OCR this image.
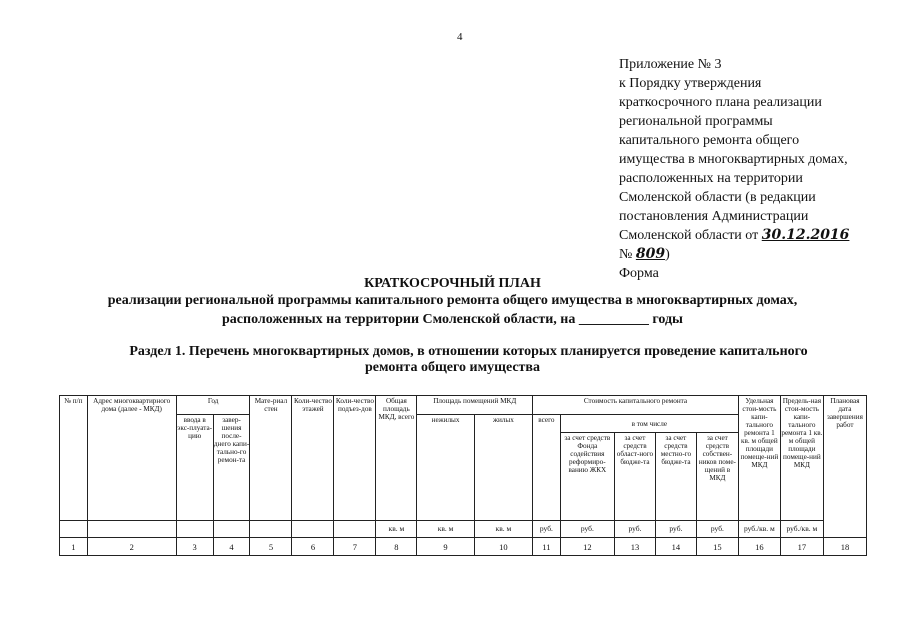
4
Приложение № 3
к Порядку утверждения
краткосрочного плана реализации
региональной программы
капитального ремонта общего
имущества в многоквартирных домах,
расположенных на территории
Смоленской области (в редакции
постановления Администрации
Смоленской области от 30.12.2016
№ 809)
Форма
КРАТКОСРОЧНЫЙ ПЛАН
реализации региональной программы капитального ремонта общего имущества в многоквартирных домах,
расположенных на территории Смоленской области, на __________ годы
Раздел 1. Перечень многоквартирных домов, в отношении которых планируется проведение капитального
ремонта общего имущества
№ п/п	Адрес многоквартирного дома (далее - МКД)	Год		Мате-риал стен	Коли-чество этажей	Коли-чество подъез-дов	Общая площадь МКД, всего	Площадь помещений МКД		Стоимость капитального ремонта					Удельная стои-мость капи-тального ремонта 1 кв. м общей площади помеще-ний МКД	Предель-ная стои-мость капи-тального ремонта 1 кв. м общей площади помеще-ний МКД	Плановая дата завершения работ
		ввода в экс-плуата-цию	завер-шения после-днего капи-тально-го ремон-та					нежилых	жилых	всего	в том числе						
											за счет средств Фонда содействия реформиро-ванию ЖКХ	за счет средств област-ного бюдже-та	за счет средств местно-го бюдже-та	за счет средств собствен-ников поме-щений в МКД			
							кв. м	кв. м	кв. м	руб.	руб.	руб.	руб.	руб.	руб./кв. м	руб./кв. м	
1	2	3	4	5	6	7	8	9	10	11	12	13	14	15	16	17	18
